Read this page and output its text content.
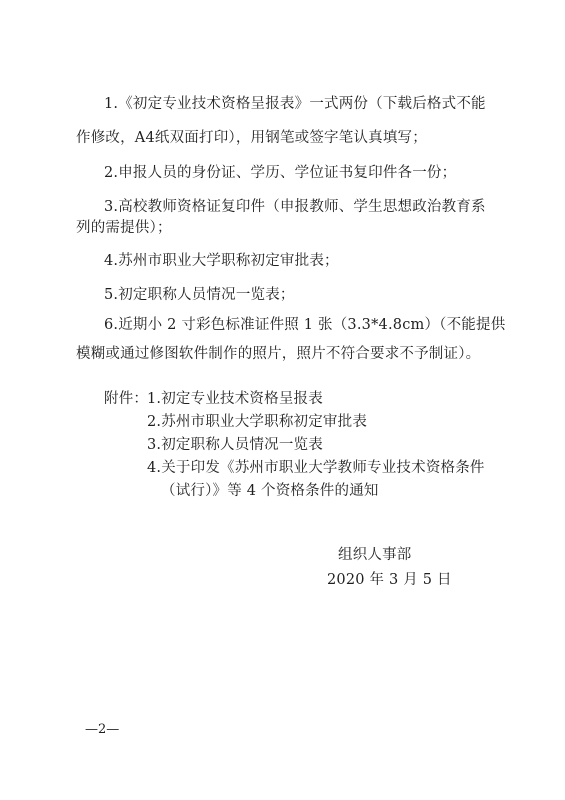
1.《初定专业技术资格呈报表》一式两份（下载后格式不能
作修改，A4纸双面打印），用钢笔或签字笔认真填写；
2.申报人员的身份证、学历、学位证书复印件各一份；
3.高校教师资格证复印件（申报教师、学生思想政治教育系
列的需提供）；
4.苏州市职业大学职称初定审批表；
5.初定职称人员情况一览表；
6.近期小 2 寸彩色标准证件照 1 张（3.3*4.8cm）（不能提供
模糊或通过修图软件制作的照片，照片不符合要求不予制证）。
附件：
1.初定专业技术资格呈报表
2.苏州市职业大学职称初定审批表
3.初定职称人员情况一览表
4.关于印发《苏州市职业大学教师专业技术资格条件
（试行）》等 4 个资格条件的通知
组织人事部
2020 年 3 月 5 日
—2—
